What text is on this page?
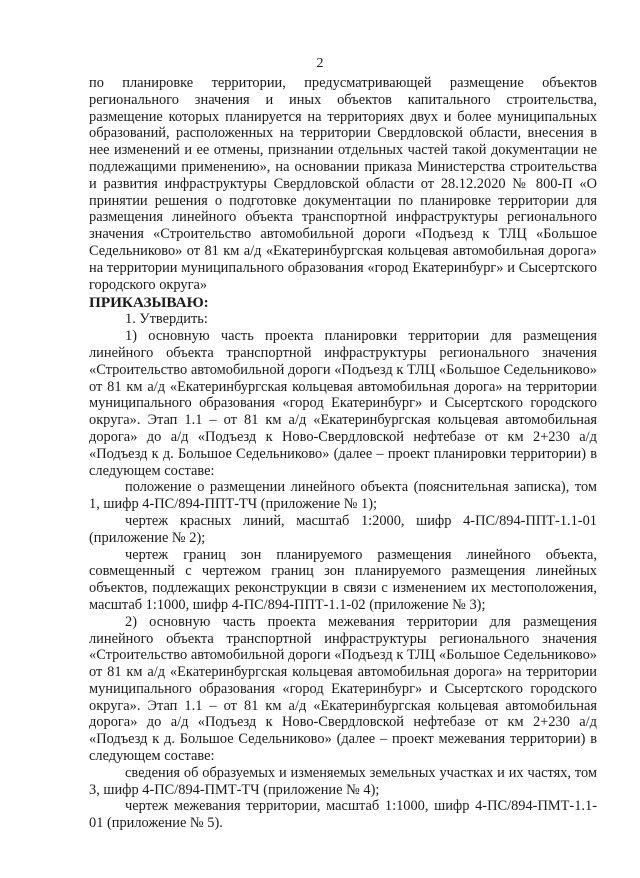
2

по планировке территории, предусматривающей размещение объектов регионального значения и иных объектов капитального строительства, размещение которых планируется на территориях двух и более муниципальных образований, расположенных на территории Свердловской области, внесения в нее изменений и ее отмены, признании отдельных частей такой документации не подлежащими применению», на основании приказа Министерства строительства и развития инфраструктуры Свердловской области от 28.12.2020 № 800-П «О принятии решения о подготовке документации по планировке территории для размещения линейного объекта транспортной инфраструктуры регионального значения «Строительство автомобильной дороги «Подъезд к ТЛЦ «Большое Седельниково» от 81 км а/д «Екатеринбургская кольцевая автомобильная дорога» на территории муниципального образования «город Екатеринбург» и Сысертского городского округа»

ПРИКАЗЫВАЮ:

1. Утвердить:

1) основную часть проекта планировки территории для размещения линейного объекта транспортной инфраструктуры регионального значения «Строительство автомобильной дороги «Подъезд к ТЛЦ «Большое Седельниково» от 81 км а/д «Екатеринбургская кольцевая автомобильная дорога» на территории муниципального образования «город Екатеринбург» и Сысертского городского округа». Этап 1.1 – от 81 км а/д «Екатеринбургская кольцевая автомобильная дорога» до а/д «Подъезд к Ново-Свердловской нефтебазе от км 2+230 а/д «Подъезд к д. Большое Седельниково» (далее – проект планировки территории) в следующем составе:

положение о размещении линейного объекта (пояснительная записка), том 1, шифр 4-ПС/894-ППТ-ТЧ (приложение № 1);

чертеж красных линий, масштаб 1:2000, шифр 4-ПС/894-ППТ-1.1-01 (приложение № 2);

чертеж границ зон планируемого размещения линейного объекта, совмещенный с чертежом границ зон планируемого размещения линейных объектов, подлежащих реконструкции в связи с изменением их местоположения, масштаб 1:1000, шифр 4-ПС/894-ППТ-1.1-02 (приложение № 3);

2) основную часть проекта межевания территории для размещения линейного объекта транспортной инфраструктуры регионального значения «Строительство автомобильной дороги «Подъезд к ТЛЦ «Большое Седельниково» от 81 км а/д «Екатеринбургская кольцевая автомобильная дорога» на территории муниципального образования «город Екатеринбург» и Сысертского городского округа». Этап 1.1 – от 81 км а/д «Екатеринбургская кольцевая автомобильная дорога» до а/д «Подъезд к Ново-Свердловской нефтебазе от км 2+230 а/д «Подъезд к д. Большое Седельниково» (далее – проект межевания территории) в следующем составе:

сведения об образуемых и изменяемых земельных участках и их частях, том 3, шифр 4-ПС/894-ПМТ-ТЧ (приложение № 4);

чертеж межевания территории, масштаб 1:1000, шифр 4-ПС/894-ПМТ-1.1-01 (приложение № 5).
